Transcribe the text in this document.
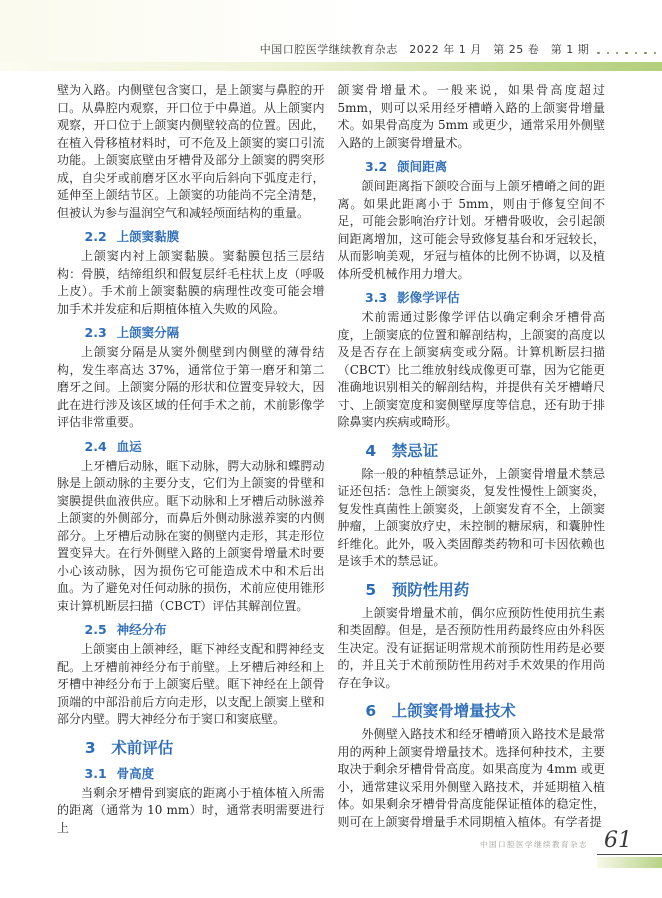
中国口腔医学继续教育杂志　2022 年 1 月　第 25 卷　第 1 期

壁为入路。内侧壁包含窦口，是上颌窦与鼻腔的开口。从鼻腔内观察，开口位于中鼻道。从上颌窦内观察，开口位于上颌窦内侧壁较高的位置。因此，在植入骨移植材料时，可不危及上颌窦的窦口引流功能。上颌窦底壁由牙槽骨及部分上颌窦的腭突形成，自尖牙或前磨牙区水平向后斜向下弧度走行，延伸至上颌结节区。上颌窦的功能尚不完全清楚，但被认为参与温润空气和减轻颅面结构的重量。

2.2 上颌窦黏膜

上颌窦内衬上颌窦黏膜。窦黏膜包括三层结构：骨膜，结缔组织和假复层纤毛柱状上皮（呼吸上皮）。手术前上颌窦黏膜的病理性改变可能会增加手术并发症和后期植体植入失败的风险。

2.3 上颌窦分隔

上颌窦分隔是从窦外侧壁到内侧壁的薄骨结构，发生率高达 37%，通常位于第一磨牙和第二磨牙之间。上颌窦分隔的形状和位置变异较大，因此在进行涉及该区域的任何手术之前，术前影像学评估非常重要。

2.4 血运

上牙槽后动脉，眶下动脉，腭大动脉和蝶腭动脉是上颌动脉的主要分支，它们为上颌窦的骨壁和窦膜提供血液供应。眶下动脉和上牙槽后动脉滋养上颌窦的外侧部分，而鼻后外侧动脉滋养窦的内侧部分。上牙槽后动脉在窦的侧壁内走形，其走形位置变异大。在行外侧壁入路的上颌窦骨增量术时要小心该动脉，因为损伤它可能造成术中和术后出血。为了避免对任何动脉的损伤，术前应使用锥形束计算机断层扫描（CBCT）评估其解剖位置。

2.5 神经分布

上颌窦由上颌神经，眶下神经支配和腭神经支配。上牙槽前神经分布于前壁。上牙槽后神经和上牙槽中神经分布于上颌窦后壁。眶下神经在上颌骨顶端的中部沿前后方向走形，以支配上颌窦上壁和部分内壁。腭大神经分布于窦口和窦底壁。

3 术前评估
3.1 骨高度

当剩余牙槽骨到窦底的距离小于植体植入所需的距离（通常为 10 mm）时，通常表明需要进行上

颌窦骨增量术。一般来说，如果骨高度超过 5mm，则可以采用经牙槽嵴入路的上颌窦骨增量术。如果骨高度为 5mm 或更少，通常采用外侧壁入路的上颌窦骨增量术。

3.2 颌间距离

颌间距离指下颌咬合面与上颌牙槽嵴之间的距离。如果此距离小于 5mm，则由于修复空间不足，可能会影响治疗计划。牙槽骨吸收，会引起颌间距离增加，这可能会导致修复基台和牙冠较长，从而影响美观，牙冠与植体的比例不协调，以及植体所受机械作用力增大。

3.3 影像学评估

术前需通过影像学评估以确定剩余牙槽骨高度，上颌窦底的位置和解剖结构，上颌窦的高度以及是否存在上颌窦病变或分隔。计算机断层扫描（CBCT）比二维放射线成像更可靠，因为它能更准确地识别相关的解剖结构，并提供有关牙槽嵴尺寸、上颌窦宽度和窦侧壁厚度等信息，还有助于排除鼻窦内疾病或畸形。

4 禁忌证

除一般的种植禁忌证外，上颌窦骨增量术禁忌证还包括：急性上颌窦炎，复发性慢性上颌窦炎，复发性真菌性上颌窦炎，上颌窦发育不全，上颌窦肿瘤，上颌窦放疗史，未控制的糖尿病，和囊肿性纤维化。此外，吸入类固醇类药物和可卡因依赖也是该手术的禁忌证。

5 预防性用药

上颌窦骨增量术前，偶尔应预防性使用抗生素和类固醇。但是，是否预防性用药最终应由外科医生决定。没有证据证明常规术前预防性用药是必要的，并且关于术前预防性用药对手术效果的作用尚存在争议。

6 上颌窦骨增量技术

外侧壁入路技术和经牙槽嵴顶入路技术是最常用的两种上颌窦骨增量技术。选择何种技术，主要取决于剩余牙槽骨骨高度。如果高度为 4mm 或更小，通常建议采用外侧壁入路技术，并延期植入植体。如果剩余牙槽骨骨高度能保证植体的稳定性，则可在上颌窦骨增量手术同期植入植体。有学者提

中国口腔医学继续教育杂志 61
